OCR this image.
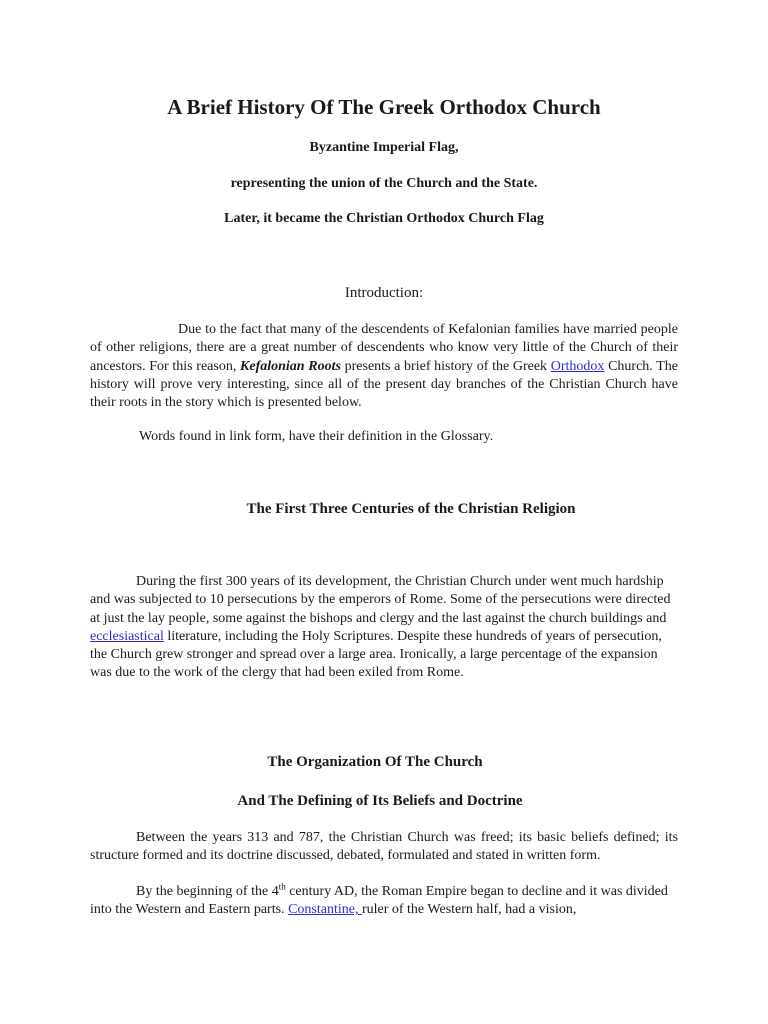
A Brief History Of The Greek Orthodox Church
Byzantine Imperial Flag,
representing the union of the Church and the State.
Later, it became the Christian Orthodox Church Flag
Introduction:
Due to the fact that many of the descendents of Kefalonian families have married people of other religions, there are a great number of descendents who know very little of the Church of their ancestors. For this reason, Kefalonian Roots presents a brief history of the Greek Orthodox Church. The history will prove very interesting, since all of the present day branches of the Christian Church have their roots in the story which is presented below.
Words found in link form, have their definition in the Glossary.
The First Three Centuries of the Christian Religion
During the first 300 years of its development, the Christian Church under went much hardship and was subjected to 10 persecutions by the emperors of Rome. Some of the persecutions were directed at just the lay people, some against the bishops and clergy and the last against the church buildings and ecclesiastical literature, including the Holy Scriptures. Despite these hundreds of years of persecution, the Church grew stronger and spread over a large area. Ironically, a large percentage of the expansion was due to the work of the clergy that had been exiled from Rome.
The Organization Of The Church
And The Defining of Its Beliefs and Doctrine
Between the years 313 and 787, the Christian Church was freed; its basic beliefs defined; its structure formed and its doctrine discussed, debated, formulated and stated in written form.
By the beginning of the 4th century AD, the Roman Empire began to decline and it was divided into the Western and Eastern parts. Constantine, ruler of the Western half, had a vision,
